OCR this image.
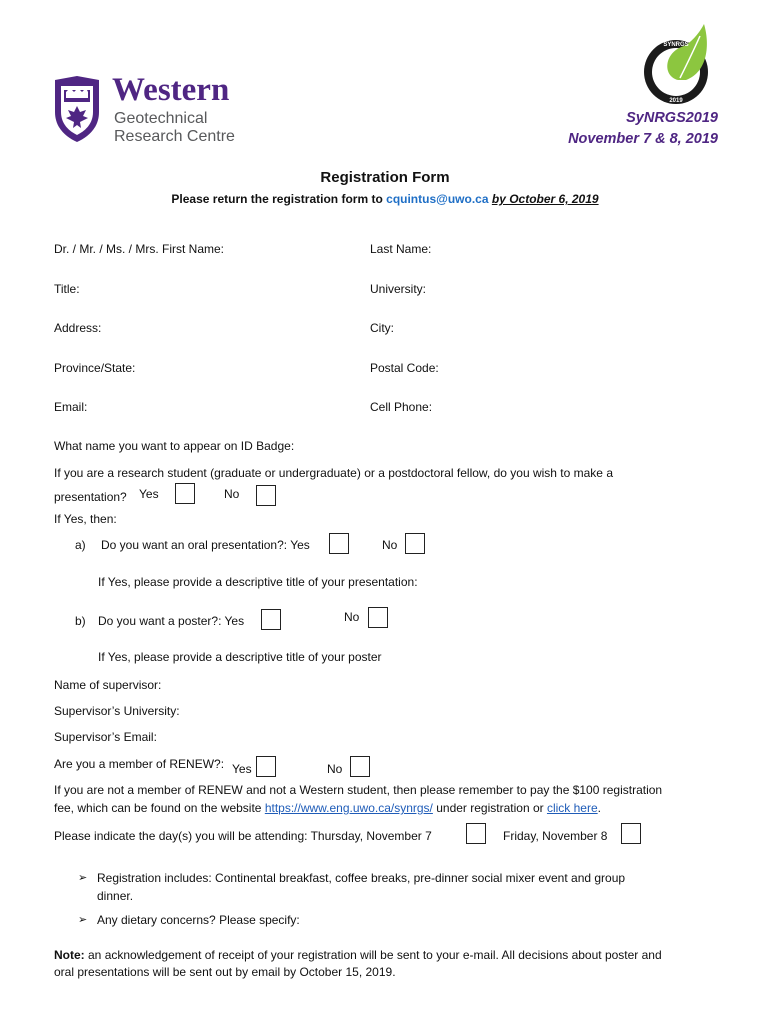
Western
Geotechnical
Research Centre
SYNRGS
2019
SyNRGS2019
November 7 & 8, 2019
Registration Form
Please return the registration form to cquintus@uwo.ca by October 6, 2019
Dr. / Mr. / Ms. / Mrs. First Name:	Last Name:
Title:	University:
Address:	City:
Province/State:	Postal Code:
Email:	Cell Phone:
What name you want to appear on ID Badge:
If you are a research student (graduate or undergraduate) or a postdoctoral fellow, do you wish to make a
presentation? Yes	No
If Yes, then:
a) Do you want an oral presentation?: Yes	No
If Yes, please provide a descriptive title of your presentation:
b) Do you want a poster?: Yes	No
If Yes, please provide a descriptive title of your poster
Name of supervisor:
Supervisor’s University:
Supervisor’s Email:
Are you a member of RENEW?: Yes	No
If you are not a member of RENEW and not a Western student, then please remember to pay the $100 registration
fee, which can be found on the website https://www.eng.uwo.ca/synrgs/ under registration or click here.
Please indicate the day(s) you will be attending: Thursday, November 7	Friday, November 8
➢ Registration includes: Continental breakfast, coffee breaks, pre-dinner social mixer event and group
dinner.
➢ Any dietary concerns? Please specify:
Note: an acknowledgement of receipt of your registration will be sent to your e-mail. All decisions about poster and
oral presentations will be sent out by email by October 15, 2019.
